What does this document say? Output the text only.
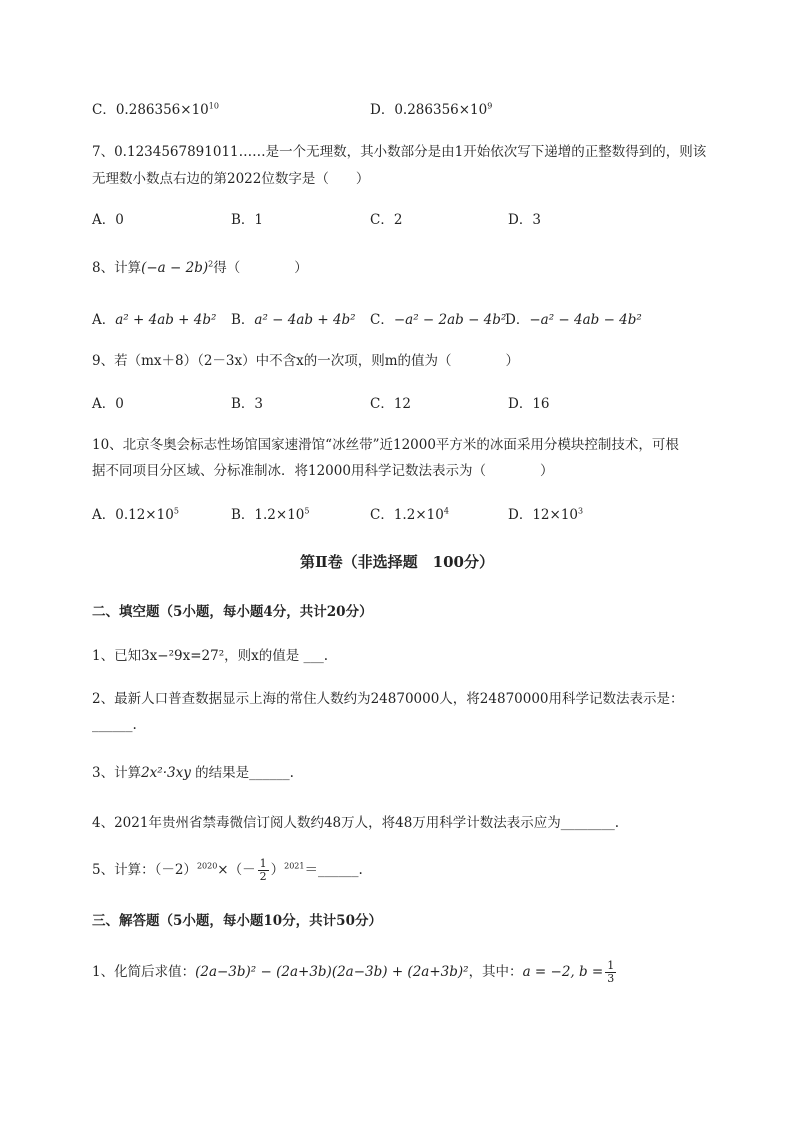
C．$0.286356\times 10^{10}$	D．$0.286356\times 10^9$
7、0.1234567891011……是一个无理数，其小数部分是由1开始依次写下递增的正整数得到的，则该
无理数小数点右边的第2022位数字是（　　）
A．0	B．1	C．2	D．3
8、计算$(-a - 2b)^2$得（　　　　）
A．a² + 4ab + 4b² B．a² − 4ab + 4b² C．−a² − 2ab − 4b²
D．−a² − 4ab − 4b²
9、若（mx＋8）（2－3x）中不含x的一次项，则m的值为（　　　　）
A．0	B．3	C．12	D．16
10、北京冬奥会标志性场馆国家速滑馆“冰丝带”近12000平方米的冰面采用分模块控制技术，可根
据不同项目分区域、分标准制冰．将12000用科学记数法表示为（　　　　）
A．$0.12\times 10^5$	B．$1.2\times 10^5$	C．$1.2\times 10^4$	D．$12\times 10^3$
第Ⅱ卷（非选择题　100分）
二、填空题（5小题，每小题4分，共计20分）
1、已知3x−²9x=27²，则x的值是 ___.
2、最新人口普查数据显示上海的常住人数约为24870000人，将24870000用科学记数法表示是：
______.
3、计算2x²·3xy 的结果是______.
4、2021年贵州省禁毒微信订阅人数约48万人，将48万用科学计数法表示应为________.
5、计算：$(-2)^{2020}\times(- \frac{1}{2}$ ）$^{2021}=\_\_\_\_\_\_$.
三、解答题（5小题，每小题10分，共计50分）
1、化简后求值：(2a−3b)² − (2a+3b)(2a−3b) + (2a+3b)²，其中：a = −2, $b = \frac{1}{3}$
